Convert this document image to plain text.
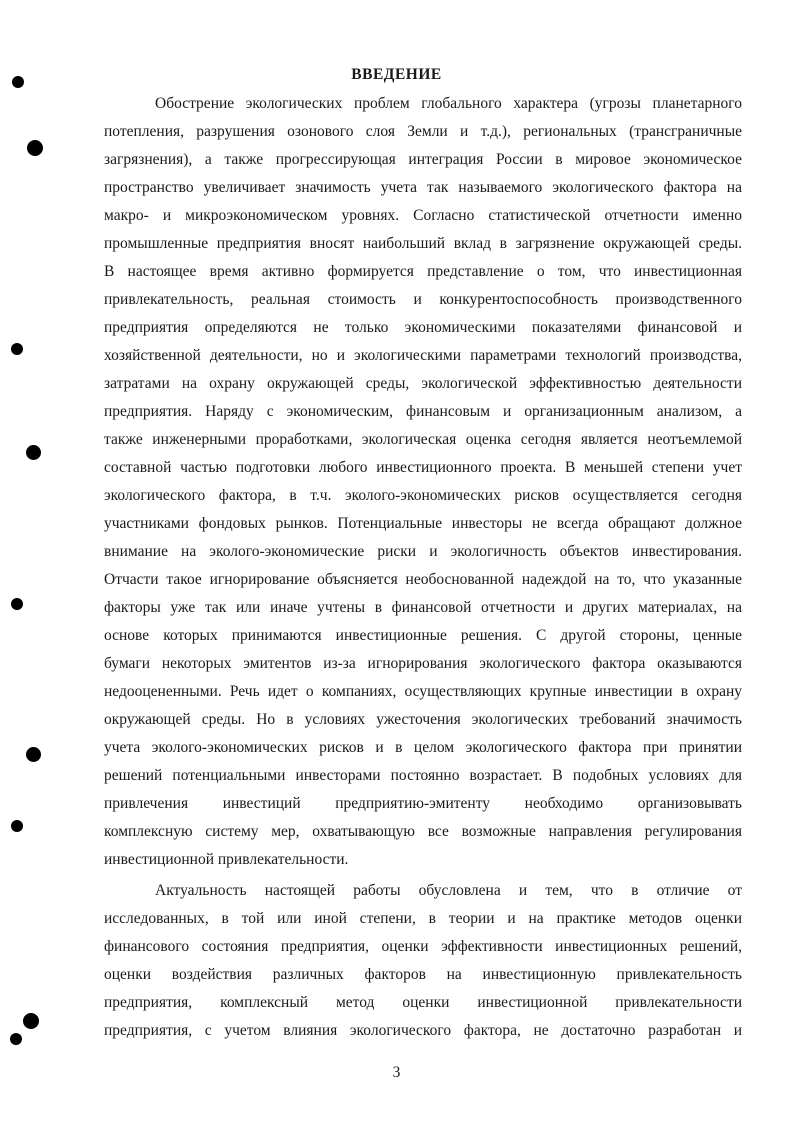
ВВЕДЕНИЕ
Обострение экологических проблем глобального характера (угрозы планетарного
потепления, разрушения озонового слоя Земли и т.д.), региональных (трансграничные
загрязнения), а также прогрессирующая интеграция России в мировое экономическое
пространство увеличивает значимость учета так называемого экологического фактора на
макро- и микроэкономическом уровнях. Согласно статистической отчетности именно
промышленные предприятия вносят наибольший вклад в загрязнение окружающей среды.
В настоящее время активно формируется представление о том, что инвестиционная
привлекательность, реальная стоимость и конкурентоспособность производственного
предприятия определяются не только экономическими показателями финансовой и
хозяйственной деятельности, но и экологическими параметрами технологий производства,
затратами на охрану окружающей среды, экологической эффективностью деятельности
предприятия. Наряду с экономическим, финансовым и организационным анализом, а
также инженерными проработками, экологическая оценка сегодня является неотъемлемой
составной частью подготовки любого инвестиционного проекта. В меньшей степени учет
экологического фактора, в т.ч. эколого-экономических рисков осуществляется сегодня
участниками фондовых рынков. Потенциальные инвесторы не всегда обращают должное
внимание на эколого-экономические риски и экологичность объектов инвестирования.
Отчасти такое игнорирование объясняется необоснованной надеждой на то, что указанные
факторы уже так или иначе учтены в финансовой отчетности и других материалах, на
основе которых принимаются инвестиционные решения. С другой стороны, ценные
бумаги некоторых эмитентов из-за игнорирования экологического фактора оказываются
недооцененными. Речь идет о компаниях, осуществляющих крупные инвестиции в охрану
окружающей среды. Но в условиях ужесточения экологических требований значимость
учета эколого-экономических рисков и в целом экологического фактора при принятии
решений потенциальными инвесторами постоянно возрастает. В подобных условиях для
привлечения инвестиций предприятию-эмитенту необходимо организовывать
комплексную систему мер, охватывающую все возможные направления регулирования
инвестиционной привлекательности.
Актуальность настоящей работы обусловлена и тем, что в отличие от
исследованных, в той или иной степени, в теории и на практике методов оценки
финансового состояния предприятия, оценки эффективности инвестиционных решений,
оценки воздействия различных факторов на инвестиционную привлекательность
предприятия, комплексный метод оценки инвестиционной привлекательности
предприятия, с учетом влияния экологического фактора, не достаточно разработан и
3
